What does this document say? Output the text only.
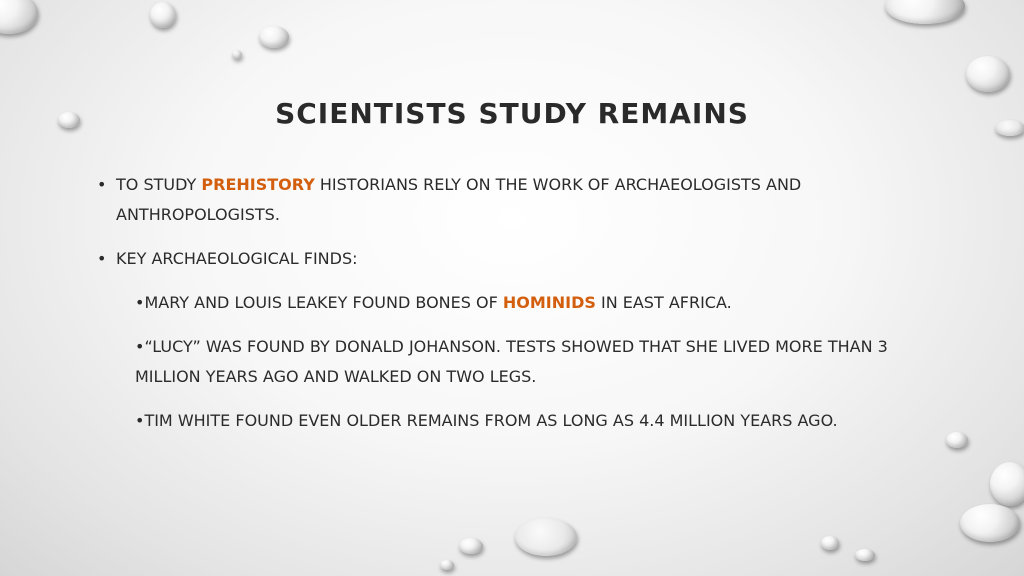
SCIENTISTS STUDY REMAINS
• TO STUDY PREHISTORY HISTORIANS RELY ON THE WORK OF ARCHAEOLOGISTS AND ANTHROPOLOGISTS.
• KEY ARCHAEOLOGICAL FINDS:
•MARY AND LOUIS LEAKEY FOUND BONES OF HOMINIDS IN EAST AFRICA.
•“LUCY” WAS FOUND BY DONALD JOHANSON. TESTS SHOWED THAT SHE LIVED MORE THAN 3 MILLION YEARS AGO AND WALKED ON TWO LEGS.
•TIM WHITE FOUND EVEN OLDER REMAINS FROM AS LONG AS 4.4 MILLION YEARS AGO.
